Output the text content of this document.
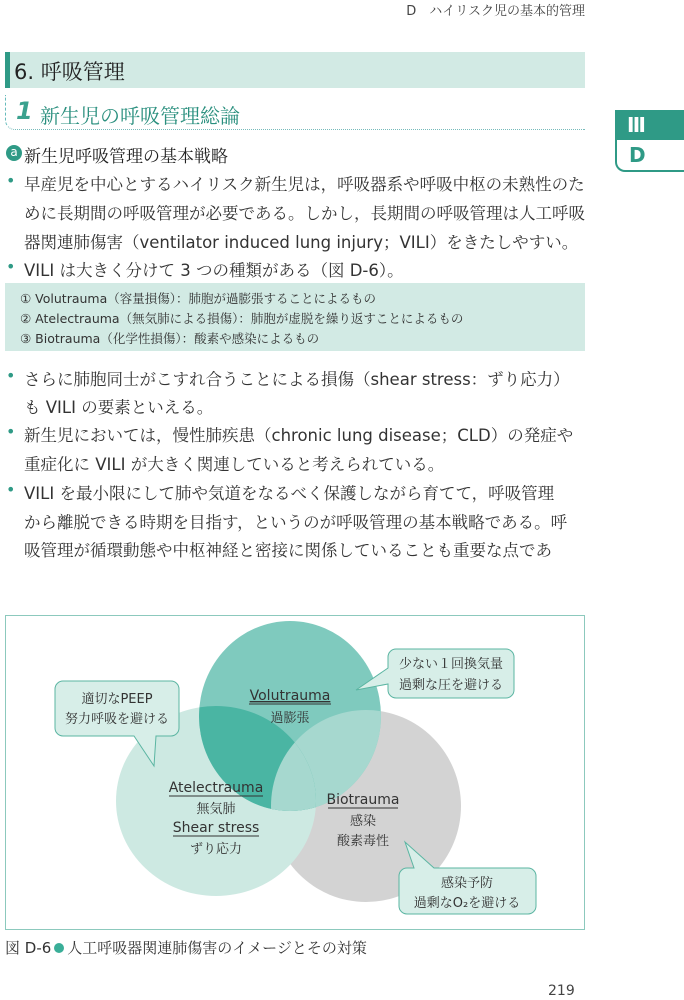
D　ハイリスク児の基本的管理
6. 呼吸管理
1 新生児の呼吸管理総論
a 新生児呼吸管理の基本戦略
Ⅲ
D
• 早産児を中心とするハイリスク新生児は，呼吸器系や呼吸中枢の未熟性のた
めに長期間の呼吸管理が必要である。しかし，長期間の呼吸管理は人工呼吸
器関連肺傷害（ventilator induced lung injury；VILI）をきたしやすい。
• VILI は大きく分けて 3 つの種類がある（図 D-6）。
① Volutrauma（容量損傷）：肺胞が過膨張することによるもの
② Atelectrauma（無気肺による損傷）：肺胞が虚脱を繰り返すことによるもの
③ Biotrauma（化学性損傷）：酸素や感染によるもの
• さらに肺胞同士がこすれ合うことによる損傷（shear stress：ずり応力）
も VILI の要素といえる。
• 新生児においては，慢性肺疾患（chronic lung disease；CLD）の発症や
重症化に VILI が大きく関連していると考えられている。
• VILI を最小限にして肺や気道をなるべく保護しながら育てて，呼吸管理
から離脱できる時期を目指す，というのが呼吸管理の基本戦略である。呼
吸管理が循環動態や中枢神経と密接に関係していることも重要な点であ
適切なPEEP
努力呼吸を避ける
少ない１回換気量
過剰な圧を避ける
感染予防
過剰なO₂を避ける
Volutrauma
過膨張
Atelectrauma
無気肺
Shear stress
ずり応力
Biotrauma
感染
酸素毒性
図 D-6 人工呼吸器関連肺傷害のイメージとその対策
219
